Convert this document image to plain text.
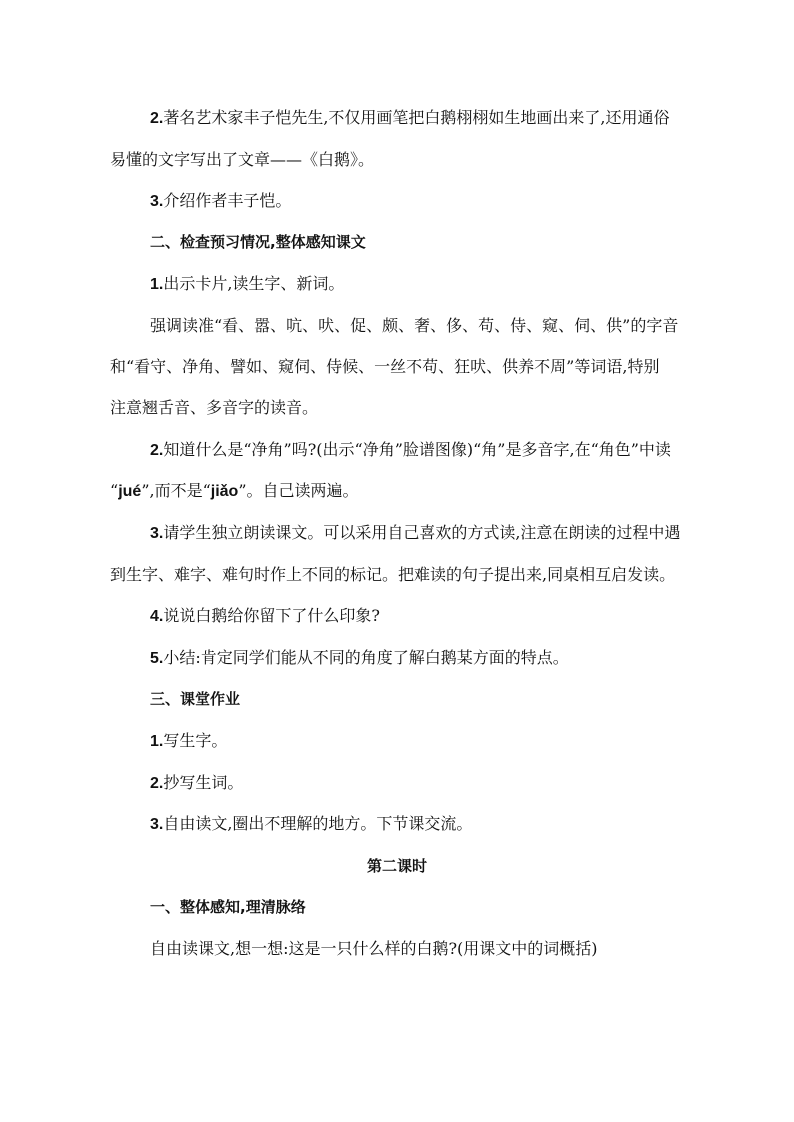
2.著名艺术家丰子恺先生,不仅用画笔把白鹅栩栩如生地画出来了,还用通俗
易懂的文字写出了文章——《白鹅》。
3.介绍作者丰子恺。
二、检查预习情况,整体感知课文
1.出示卡片,读生字、新词。
强调读准“看、嚣、吭、吠、促、颇、奢、侈、苟、侍、窥、伺、供”的字音
和“看守、净角、譬如、窥伺、侍候、一丝不苟、狂吠、供养不周”等词语,特别
注意翘舌音、多音字的读音。
2.知道什么是“净角”吗?(出示“净角”脸谱图像)“角”是多音字,在“角色”中读
“jué”,而不是“jiǎo”。自己读两遍。
3.请学生独立朗读课文。可以采用自己喜欢的方式读,注意在朗读的过程中遇
到生字、难字、难句时作上不同的标记。把难读的句子提出来,同桌相互启发读。
4.说说白鹅给你留下了什么印象?
5.小结:肯定同学们能从不同的角度了解白鹅某方面的特点。
三、课堂作业
1.写生字。
2.抄写生词。
3.自由读文,圈出不理解的地方。下节课交流。
第二课时
一、整体感知,理清脉络
自由读课文,想一想:这是一只什么样的白鹅?(用课文中的词概括)
